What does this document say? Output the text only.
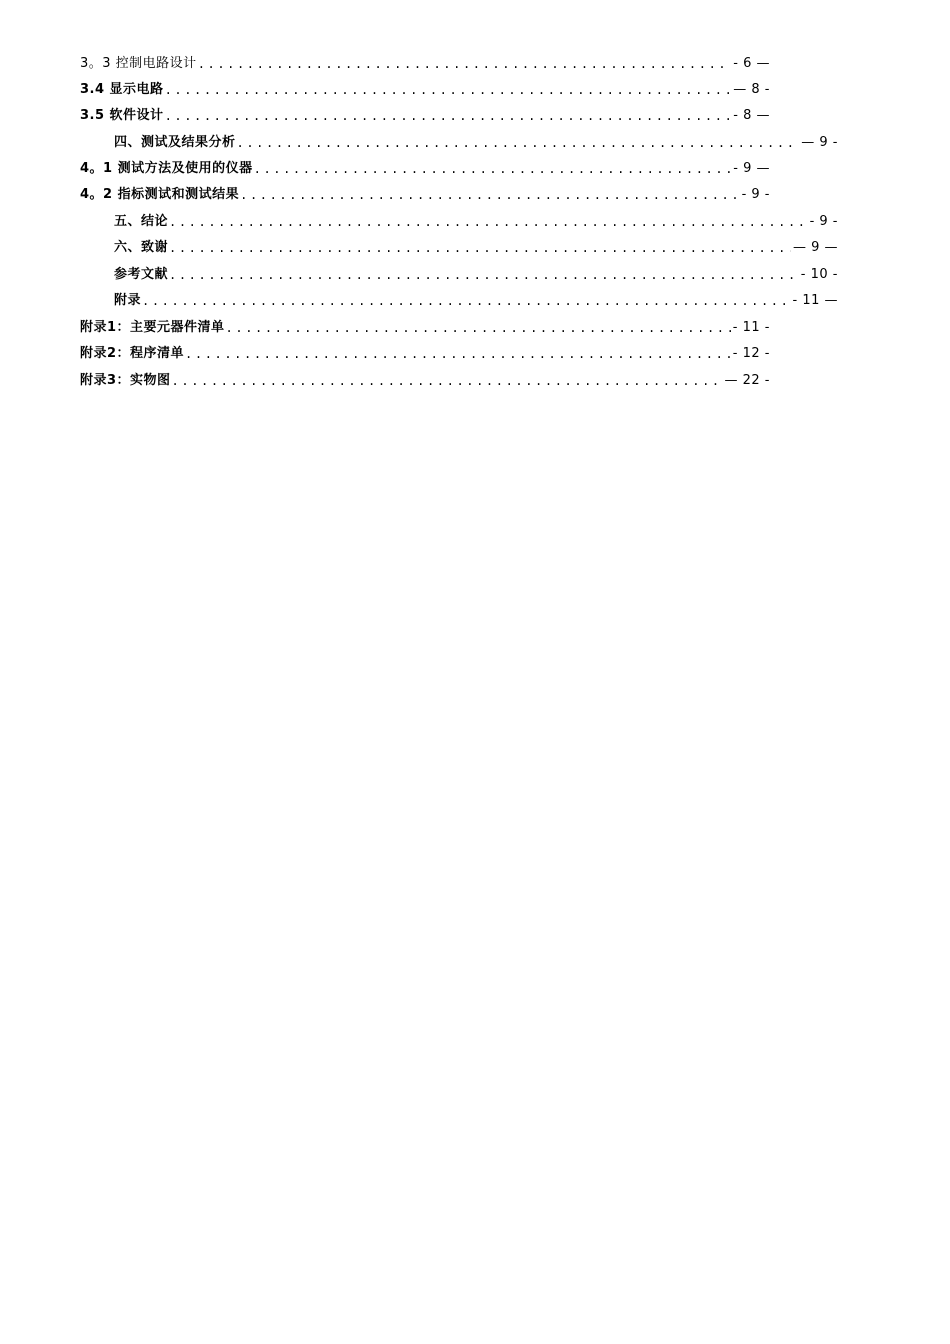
3。3 控制电路设计 .....	- 6 —
3.4 显示电路 .....	— 8 -
3.5 软件设计 .....	- 8 —
四、测试及结果分析 .....	— 9 -
4。1 测试方法及使用的仪器 .....	- 9 —
4。2 指标测试和测试结果 .....	- 9 -
五、结论 .....	- 9 -
六、致谢 .....	— 9 —
参考文献 .....	- 10 -
附录 .....	- 11 —
附录1：主要元器件清单 .....	- 11 -
附录2：程序清单 .....	- 12 -
附录3：实物图 .....	— 22 -
